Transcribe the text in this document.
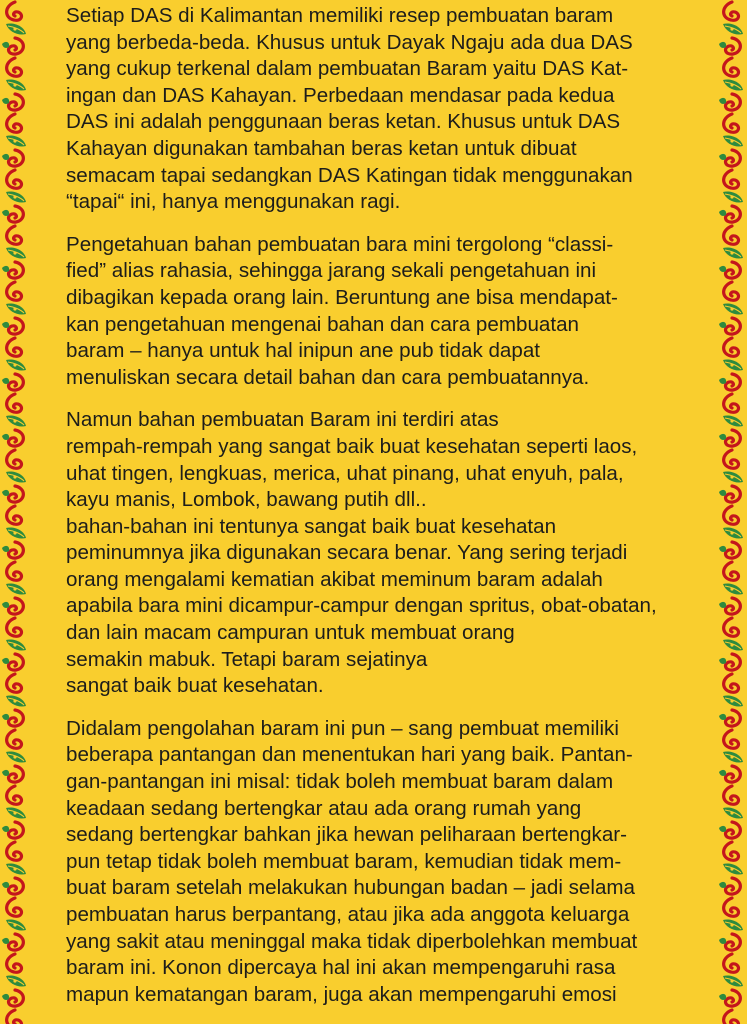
Setiap DAS di Kalimantan memiliki resep pembuatan baram
yang berbeda-beda. Khusus untuk Dayak Ngaju ada dua DAS
yang cukup terkenal dalam pembuatan Baram yaitu DAS Kat-
ingan dan DAS Kahayan. Perbedaan mendasar pada kedua
DAS ini adalah penggunaan beras ketan. Khusus untuk DAS
Kahayan digunakan tambahan beras ketan untuk dibuat
semacam tapai sedangkan DAS Katingan tidak menggunakan
“tapai“ ini, hanya menggunakan ragi.
Pengetahuan bahan pembuatan bara mini tergolong “classi-
fied” alias rahasia, sehingga jarang sekali pengetahuan ini
dibagikan kepada orang lain. Beruntung ane bisa mendapat-
kan pengetahuan mengenai bahan dan cara pembuatan
baram – hanya untuk hal inipun ane pub tidak dapat
menuliskan secara detail bahan dan cara pembuatannya.
Namun bahan pembuatan Baram ini terdiri atas
rempah-rempah yang sangat baik buat kesehatan seperti laos,
uhat tingen, lengkuas, merica, uhat pinang, uhat enyuh, pala,
kayu manis, Lombok, bawang putih dll..
bahan-bahan ini tentunya sangat baik buat kesehatan
peminumnya jika digunakan secara benar. Yang sering terjadi
orang mengalami kematian akibat meminum baram adalah
apabila bara mini dicampur-campur dengan spritus, obat-obatan,
dan lain macam campuran untuk membuat orang
semakin mabuk. Tetapi baram sejatinya
sangat baik buat kesehatan.
Didalam pengolahan baram ini pun – sang pembuat memiliki
beberapa pantangan dan menentukan hari yang baik. Pantan-
gan-pantangan ini misal: tidak boleh membuat baram dalam
keadaan sedang bertengkar atau ada orang rumah yang
sedang bertengkar bahkan jika hewan peliharaan bertengkar-
pun tetap tidak boleh membuat baram, kemudian tidak mem-
buat baram setelah melakukan hubungan badan – jadi selama
pembuatan harus berpantang, atau jika ada anggota keluarga
yang sakit atau meninggal maka tidak diperbolehkan membuat
baram ini. Konon dipercaya hal ini akan mempengaruhi rasa
mapun kematangan baram, juga akan mempengaruhi emosi
